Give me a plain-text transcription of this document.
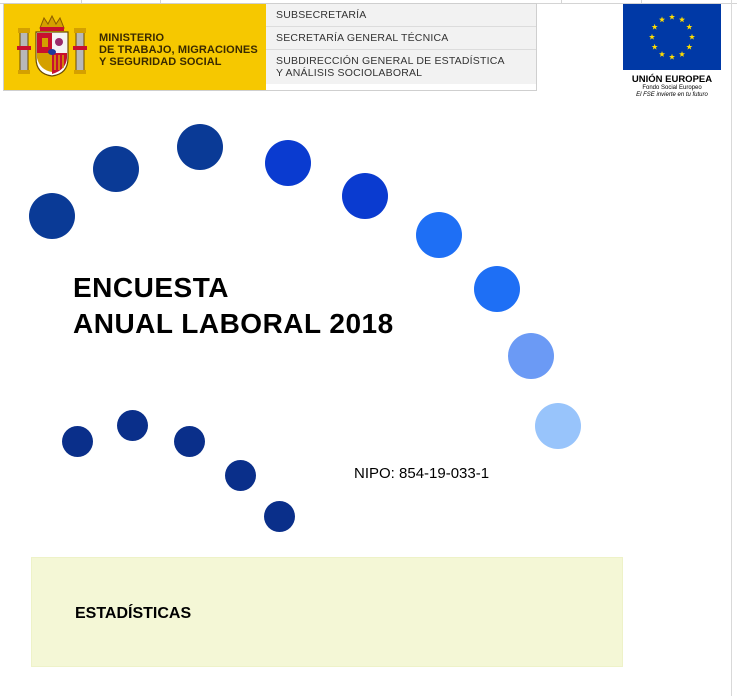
MINISTERIO
DE TRABAJO, MIGRACIONES
Y SEGURIDAD SOCIAL
SUBSECRETARÍA
SECRETARÍA GENERAL TÉCNICA
SUBDIRECCIÓN GENERAL DE ESTADÍSTICA
Y ANÁLISIS SOCIOLABORAL
UNIÓN EUROPEA
Fondo Social Europeo
El FSE invierte en tu futuro
ENCUESTA
ANUAL LABORAL 2018
NIPO: 854-19-033-1
ESTADÍSTICAS
